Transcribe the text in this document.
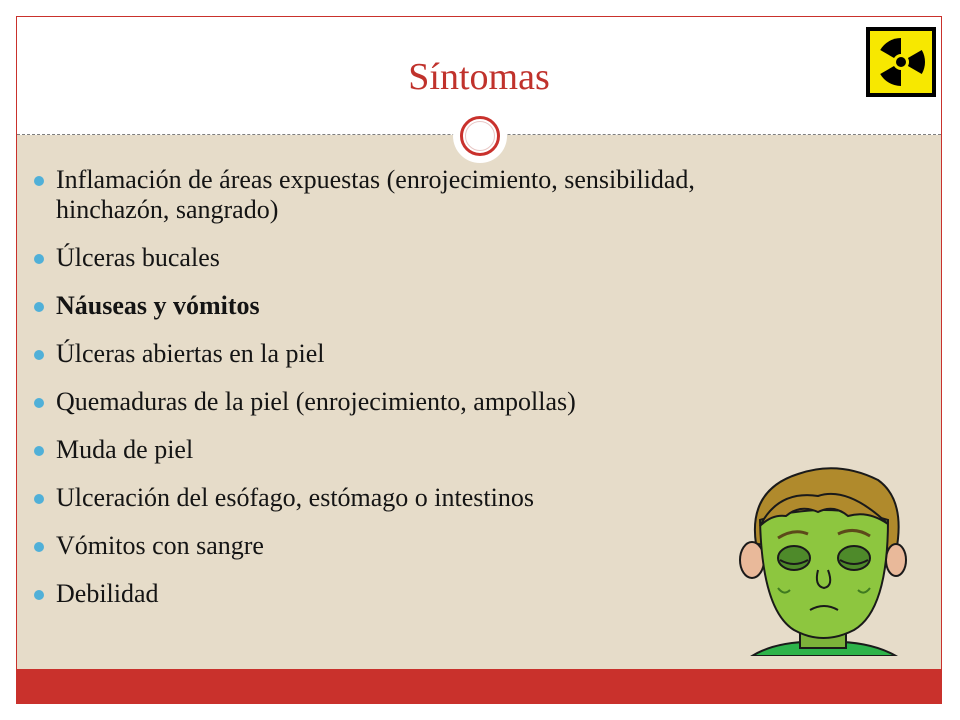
Síntomas
Inflamación de áreas expuestas (enrojecimiento, sensibilidad, hinchazón, sangrado)
Úlceras bucales
Náuseas y vómitos
Úlceras abiertas en la piel
Quemaduras de la piel (enrojecimiento, ampollas)
Muda de piel
Ulceración del esófago, estómago o intestinos
Vómitos con sangre
Debilidad
